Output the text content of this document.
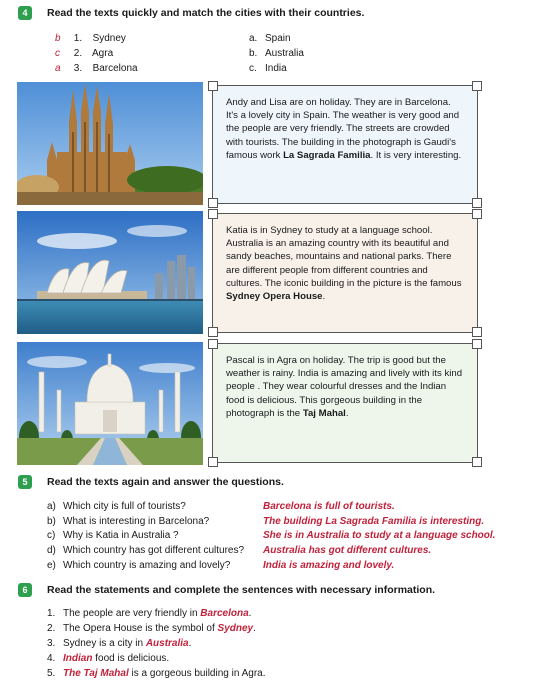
4	Read the texts quickly and match the cities with their countries.
b 1. Sydney
c 2. Agra
a 3. Barcelona
a. Spain
b. Australia
c. India
Andy and Lisa are on holiday. They are in Barcelona. It's a lovely city in Spain. The weather is very good and the people are very friendly. The streets are crowded with tourists. The building in the photograph is Gaudi's famous work La Sagrada Familia. It is very interesting.
Katia is in Sydney to study at a language school. Australia is an amazing country with its beautiful and sandy beaches, mountains and national parks. There are different people from different countries and cultures. The iconic building in the picture is the famous Sydney Opera House.
Pascal is in Agra on holiday. The trip is good but the weather is rainy. India is amazing and lively with its kind people . They wear colourful dresses and the Indian food is delicious. This gorgeous building in the photograph is the Taj Mahal.
5	Read the texts again and answer the questions.
a) Which city is full of tourists?	Barcelona is full of tourists.
b) What is interesting in Barcelona?	The building La Sagrada Familia is interesting.
c) Why is Katia in Australia ?	She is in Australia to study at a language school.
d) Which country has got different cultures? Australia has got different cultures.
e) Which country is amazing and lovely?	India is amazing and lovely.
6	Read the statements and complete the sentences with necessary information.
1. The people are very friendly in Barcelona.
2. The Opera House is the symbol of Sydney.
3. Sydney is a city in Australia.
4. Indian food is delicious.
5. The Taj Mahal is a gorgeous building in Agra.
